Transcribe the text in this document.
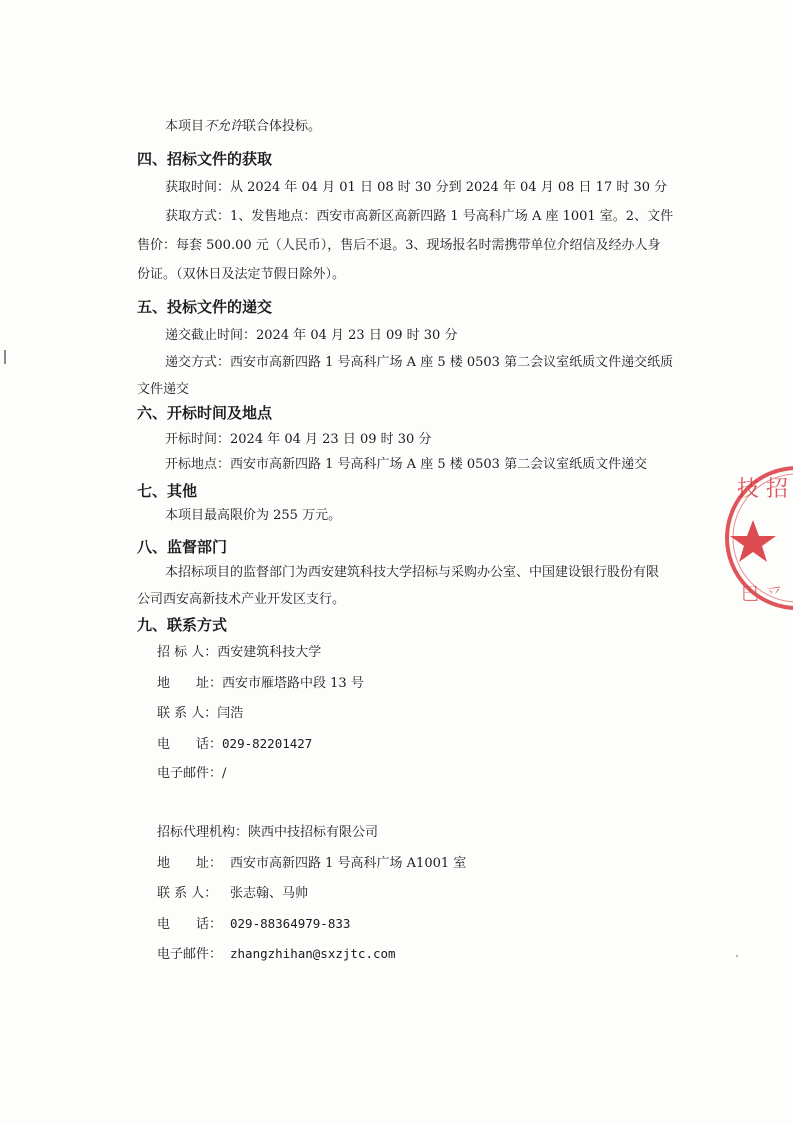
本项目不允许联合体投标。
四、招标文件的获取
获取时间：从 2024 年 04 月 01 日 08 时 30 分到 2024 年 04 月 08 日 17 时 30 分
获取方式：1、发售地点：西安市高新区高新四路 1 号高科广场 A 座 1001 室。2、文件
售价：每套 500.00 元（人民币），售后不退。3、现场报名时需携带单位介绍信及经办人身
份证。（双休日及法定节假日除外）。
五、投标文件的递交
递交截止时间：2024 年 04 月 23 日 09 时 30 分
递交方式：西安市高新四路 1 号高科广场 A 座 5 楼 0503 第二会议室纸质文件递交纸质
文件递交
六、开标时间及地点
开标时间：2024 年 04 月 23 日 09 时 30 分
开标地点：西安市高新四路 1 号高科广场 A 座 5 楼 0503 第二会议室纸质文件递交
七、其他
本项目最高限价为 255 万元。
八、监督部门
本招标项目的监督部门为西安建筑科技大学招标与采购办公室、中国建设银行股份有限
公司西安高新技术产业开发区支行。
九、联系方式
招 标 人：西安建筑科技大学
地　　址：西安市雁塔路中段 13 号
联 系 人：闫浩
电　　话：029-82201427
电子邮件：/
招标代理机构：陕西中技招标有限公司
地　　址： 西安市高新四路 1 号高科广场 A1001 室
联 系 人： 张志翰、马帅
电　　话： 029-88364979-833
电子邮件： zhangzhihan@sxzjtc.com
技 招
巴 乊
